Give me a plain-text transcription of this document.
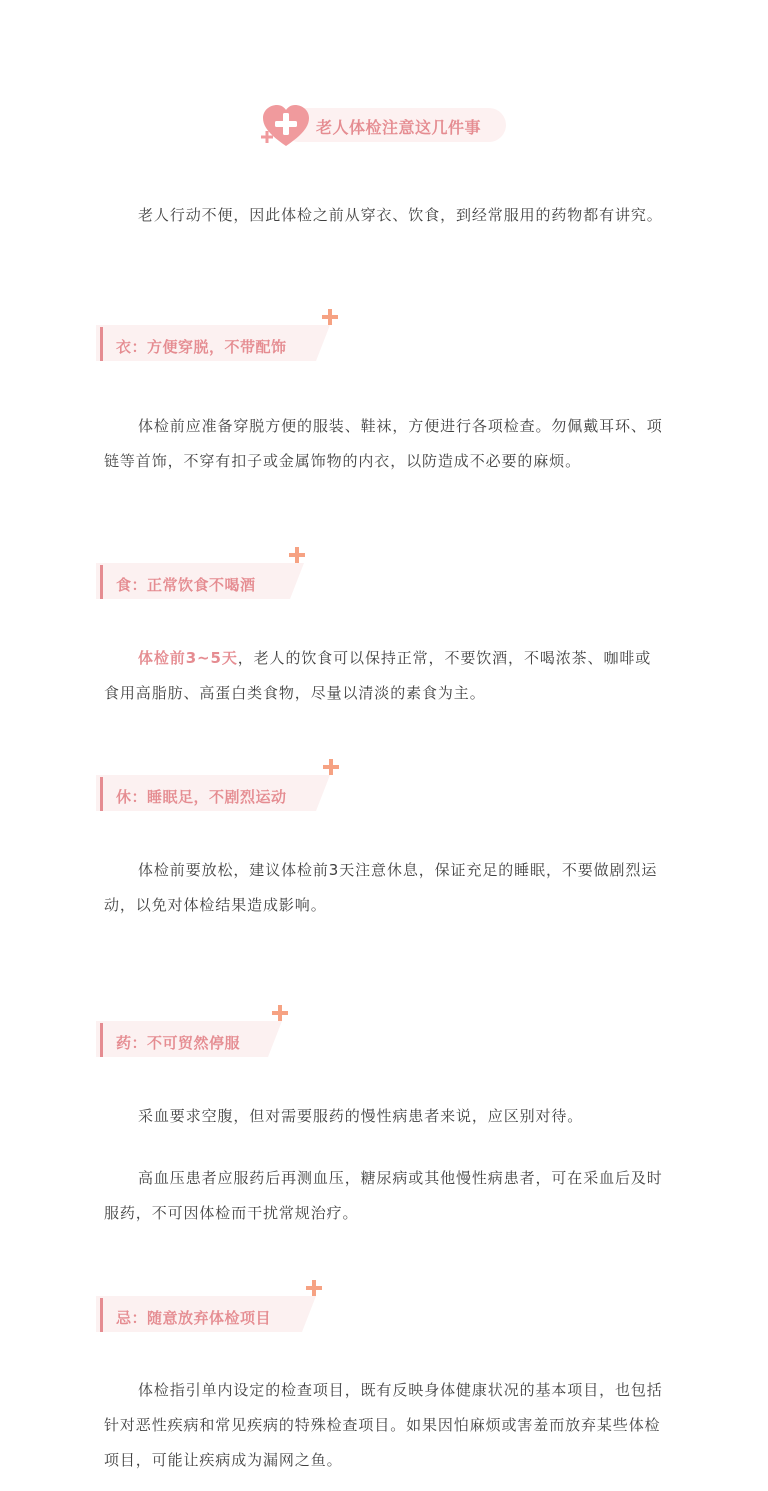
老人体检注意这几件事

老人行动不便，因此体检之前从穿衣、饮食，到经常服用的药物都有讲究。

衣：方便穿脱，不带配饰

体检前应准备穿脱方便的服装、鞋袜，方便进行各项检查。勿佩戴耳环、项链等首饰，不穿有扣子或金属饰物的内衣，以防造成不必要的麻烦。

食：正常饮食不喝酒

体检前3~5天，老人的饮食可以保持正常，不要饮酒，不喝浓茶、咖啡或食用高脂肪、高蛋白类食物，尽量以清淡的素食为主。

休：睡眠足，不剧烈运动

体检前要放松，建议体检前3天注意休息，保证充足的睡眠，不要做剧烈运动，以免对体检结果造成影响。

药：不可贸然停服

采血要求空腹，但对需要服药的慢性病患者来说，应区别对待。

高血压患者应服药后再测血压，糖尿病或其他慢性病患者，可在采血后及时服药，不可因体检而干扰常规治疗。

忌：随意放弃体检项目

体检指引单内设定的检查项目，既有反映身体健康状况的基本项目，也包括针对恶性疾病和常见疾病的特殊检查项目。如果因怕麻烦或害羞而放弃某些体检项目，可能让疾病成为漏网之鱼。
